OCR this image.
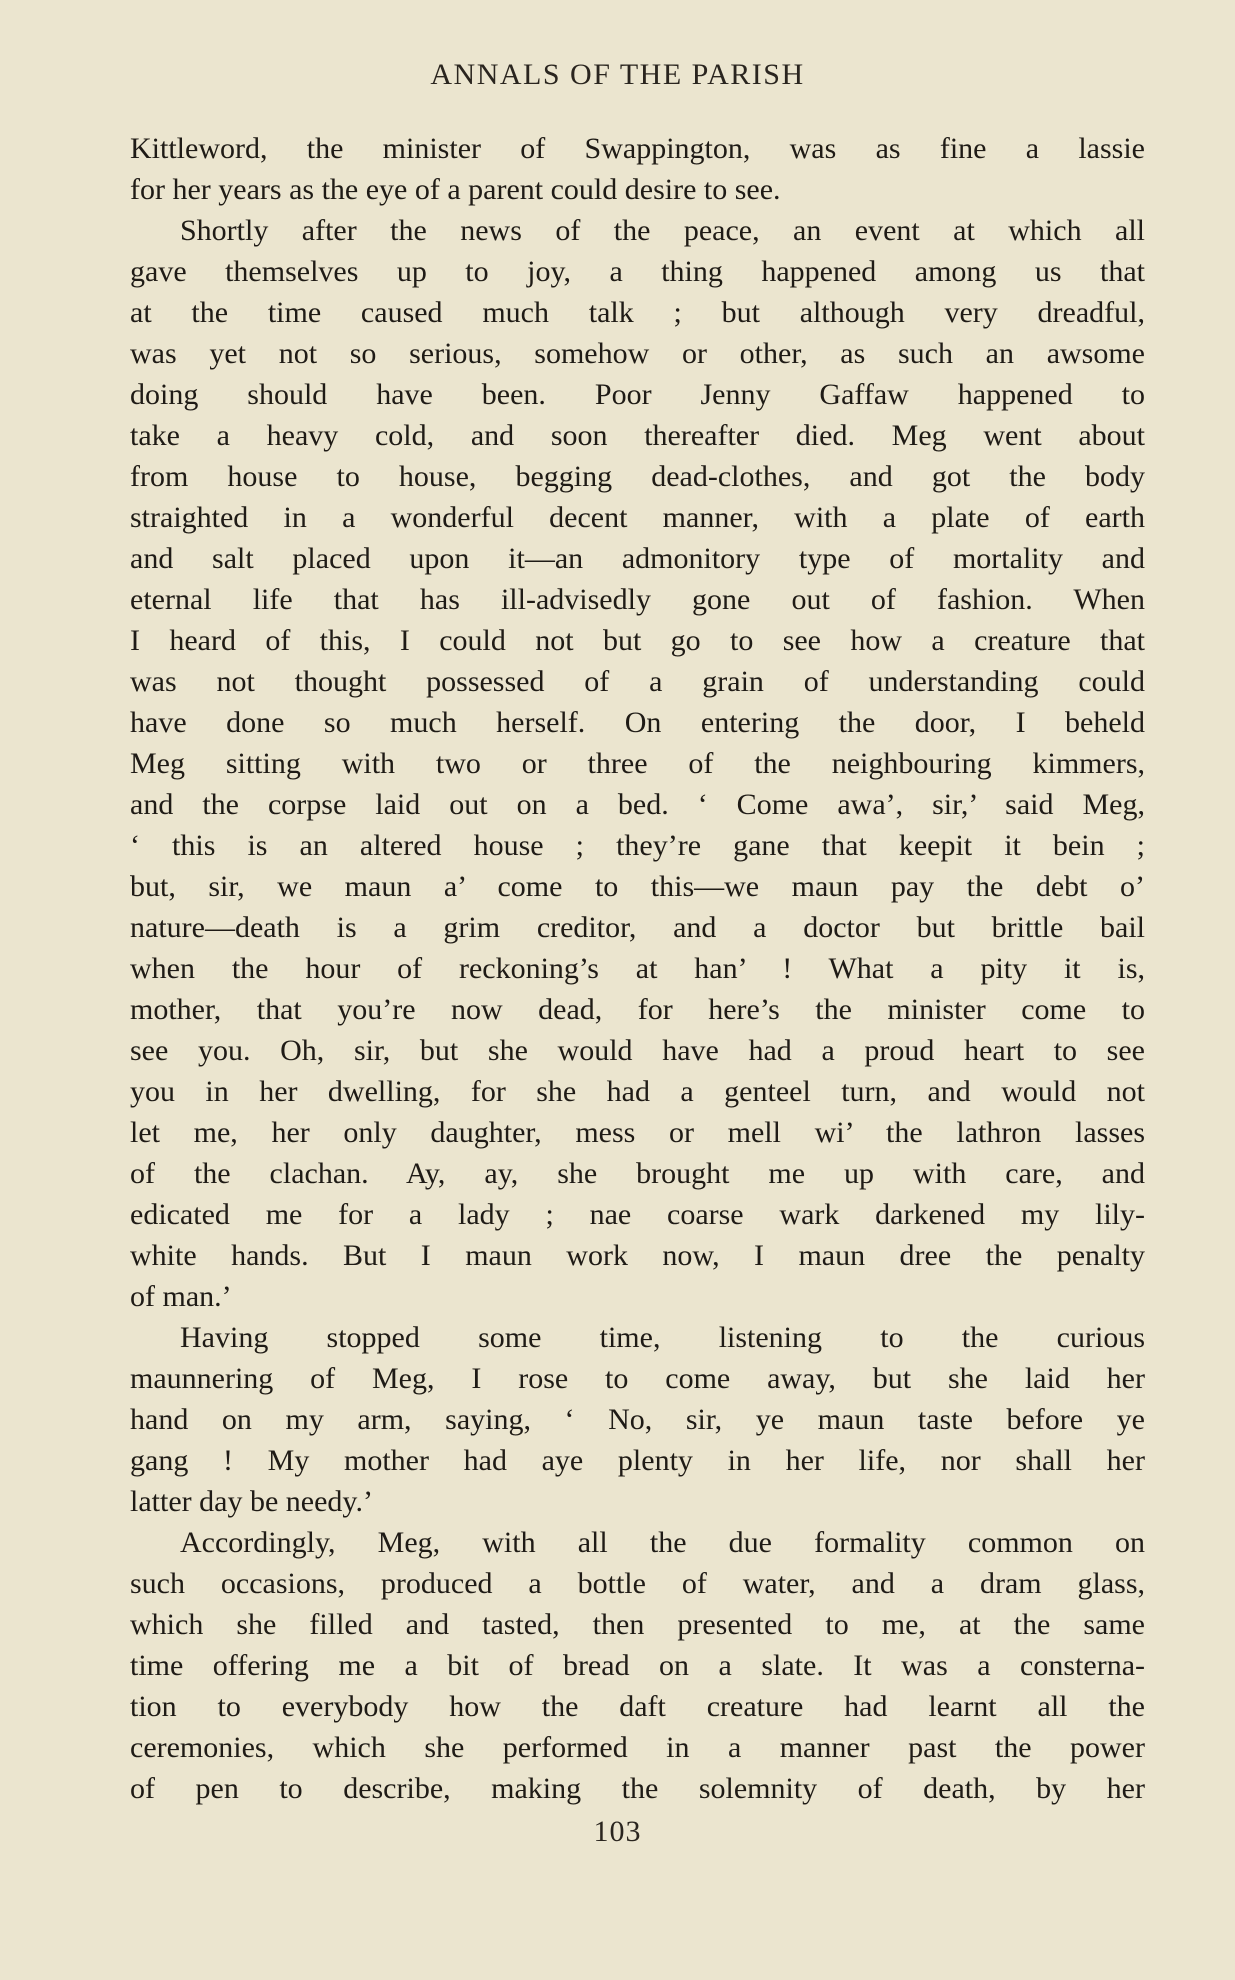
ANNALS OF THE PARISH
Kittleword, the minister of Swappington, was as fine a lassie
for her years as the eye of a parent could desire to see.
Shortly after the news of the peace, an event at which all
gave themselves up to joy, a thing happened among us that
at the time caused much talk ; but although very dreadful,
was yet not so serious, somehow or other, as such an awsome
doing should have been. Poor Jenny Gaffaw happened to
take a heavy cold, and soon thereafter died. Meg went about
from house to house, begging dead-clothes, and got the body
straighted in a wonderful decent manner, with a plate of earth
and salt placed upon it—an admonitory type of mortality and
eternal life that has ill-advisedly gone out of fashion. When
I heard of this, I could not but go to see how a creature that
was not thought possessed of a grain of understanding could
have done so much herself. On entering the door, I beheld
Meg sitting with two or three of the neighbouring kimmers,
and the corpse laid out on a bed. ‘ Come awa’, sir,’ said Meg,
‘ this is an altered house ; they’re gane that keepit it bein ;
but, sir, we maun a’ come to this—we maun pay the debt o’
nature—death is a grim creditor, and a doctor but brittle bail
when the hour of reckoning’s at han’ ! What a pity it is,
mother, that you’re now dead, for here’s the minister come to
see you. Oh, sir, but she would have had a proud heart to see
you in her dwelling, for she had a genteel turn, and would not
let me, her only daughter, mess or mell wi’ the lathron lasses
of the clachan. Ay, ay, she brought me up with care, and
edicated me for a lady ; nae coarse wark darkened my lily-
white hands. But I maun work now, I maun dree the penalty
of man.’
Having stopped some time, listening to the curious
maunnering of Meg, I rose to come away, but she laid her
hand on my arm, saying, ‘ No, sir, ye maun taste before ye
gang ! My mother had aye plenty in her life, nor shall her
latter day be needy.’
Accordingly, Meg, with all the due formality common on
such occasions, produced a bottle of water, and a dram glass,
which she filled and tasted, then presented to me, at the same
time offering me a bit of bread on a slate. It was a consterna-
tion to everybody how the daft creature had learnt all the
ceremonies, which she performed in a manner past the power
of pen to describe, making the solemnity of death, by her
103
